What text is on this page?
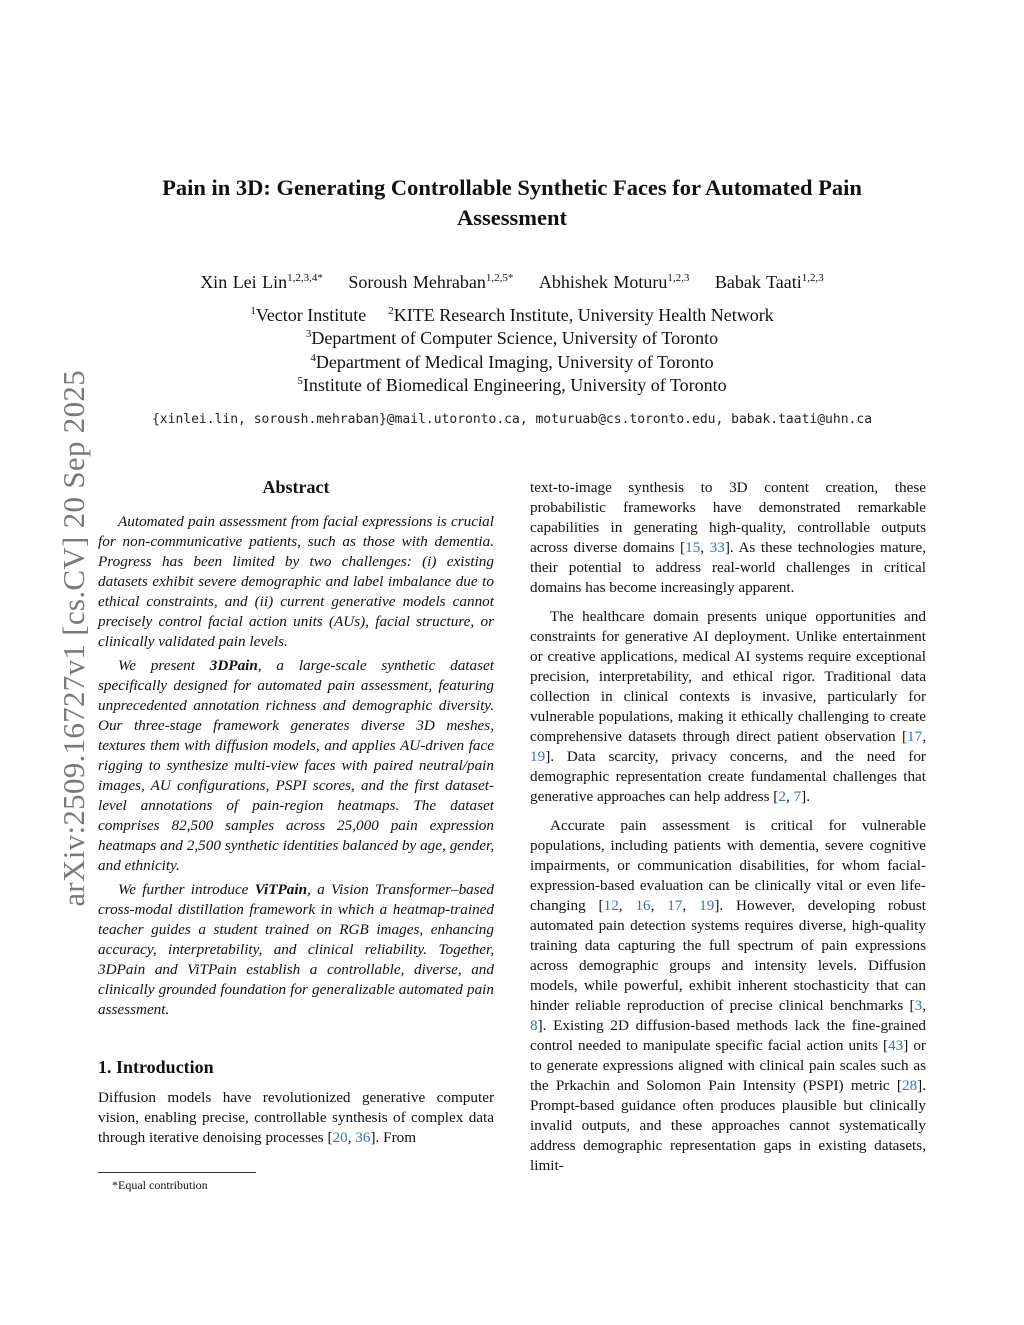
arXiv:2509.16727v1 [cs.CV] 20 Sep 2025
Pain in 3D: Generating Controllable Synthetic Faces for Automated Pain
Assessment
Xin Lei Lin$^{1,2,3,4*}$ Soroush Mehraban$^{1,2,5*}$ Abhishek Moturu$^{1,2,3}$ Babak Taati$^{1,2,3}$
$^1$Vector Institute $^2$KITE Research Institute, University Health Network
$^3$Department of Computer Science, University of Toronto
$^4$Department of Medical Imaging, University of Toronto
$^5$Institute of Biomedical Engineering, University of Toronto
{xinlei.lin, soroush.mehraban}@mail.utoronto.ca, moturuab@cs.toronto.edu, babak.taati@uhn.ca
Abstract

Automated pain assessment from facial expressions is crucial for non-communicative patients, such as those with dementia. Progress has been limited by two challenges: (i) existing datasets exhibit severe demographic and label imbalance due to ethical constraints, and (ii) current generative models cannot precisely control facial action units (AUs), facial structure, or clinically validated pain levels.

We present 3DPain, a large-scale synthetic dataset specifically designed for automated pain assessment, featuring unprecedented annotation richness and demographic diversity. Our three-stage framework generates diverse 3D meshes, textures them with diffusion models, and applies AU-driven face rigging to synthesize multi-view faces with paired neutral/pain images, AU configurations, PSPI scores, and the first dataset-level annotations of pain-region heatmaps. The dataset comprises 82,500 samples across 25,000 pain expression heatmaps and 2,500 synthetic identities balanced by age, gender, and ethnicity.

We further introduce ViTPain, a Vision Transformer–based cross-modal distillation framework in which a heatmap-trained teacher guides a student trained on RGB images, enhancing accuracy, interpretability, and clinical reliability. Together, 3DPain and ViTPain establish a controllable, diverse, and clinically grounded foundation for generalizable automated pain assessment.

1. Introduction

Diffusion models have revolutionized generative computer vision, enabling precise, controllable synthesis of complex data through iterative denoising processes [20, 36]. From

*Equal contribution

text-to-image synthesis to 3D content creation, these probabilistic frameworks have demonstrated remarkable capabilities in generating high-quality, controllable outputs across diverse domains [15, 33]. As these technologies mature, their potential to address real-world challenges in critical domains has become increasingly apparent.

The healthcare domain presents unique opportunities and constraints for generative AI deployment. Unlike entertainment or creative applications, medical AI systems require exceptional precision, interpretability, and ethical rigor. Traditional data collection in clinical contexts is invasive, particularly for vulnerable populations, making it ethically challenging to create comprehensive datasets through direct patient observation [17, 19]. Data scarcity, privacy concerns, and the need for demographic representation create fundamental challenges that generative approaches can help address [2, 7].

Accurate pain assessment is critical for vulnerable populations, including patients with dementia, severe cognitive impairments, or communication disabilities, for whom facial-expression-based evaluation can be clinically vital or even life-changing [12, 16, 17, 19]. However, developing robust automated pain detection systems requires diverse, high-quality training data capturing the full spectrum of pain expressions across demographic groups and intensity levels. Diffusion models, while powerful, exhibit inherent stochasticity that can hinder reliable reproduction of precise clinical benchmarks [3, 8]. Existing 2D diffusion-based methods lack the fine-grained control needed to manipulate specific facial action units [43] or to generate expressions aligned with clinical pain scales such as the Prkachin and Solomon Pain Intensity (PSPI) metric [28]. Prompt-based guidance often produces plausible but clinically invalid outputs, and these approaches cannot systematically address demographic representation gaps in existing datasets, limit-
